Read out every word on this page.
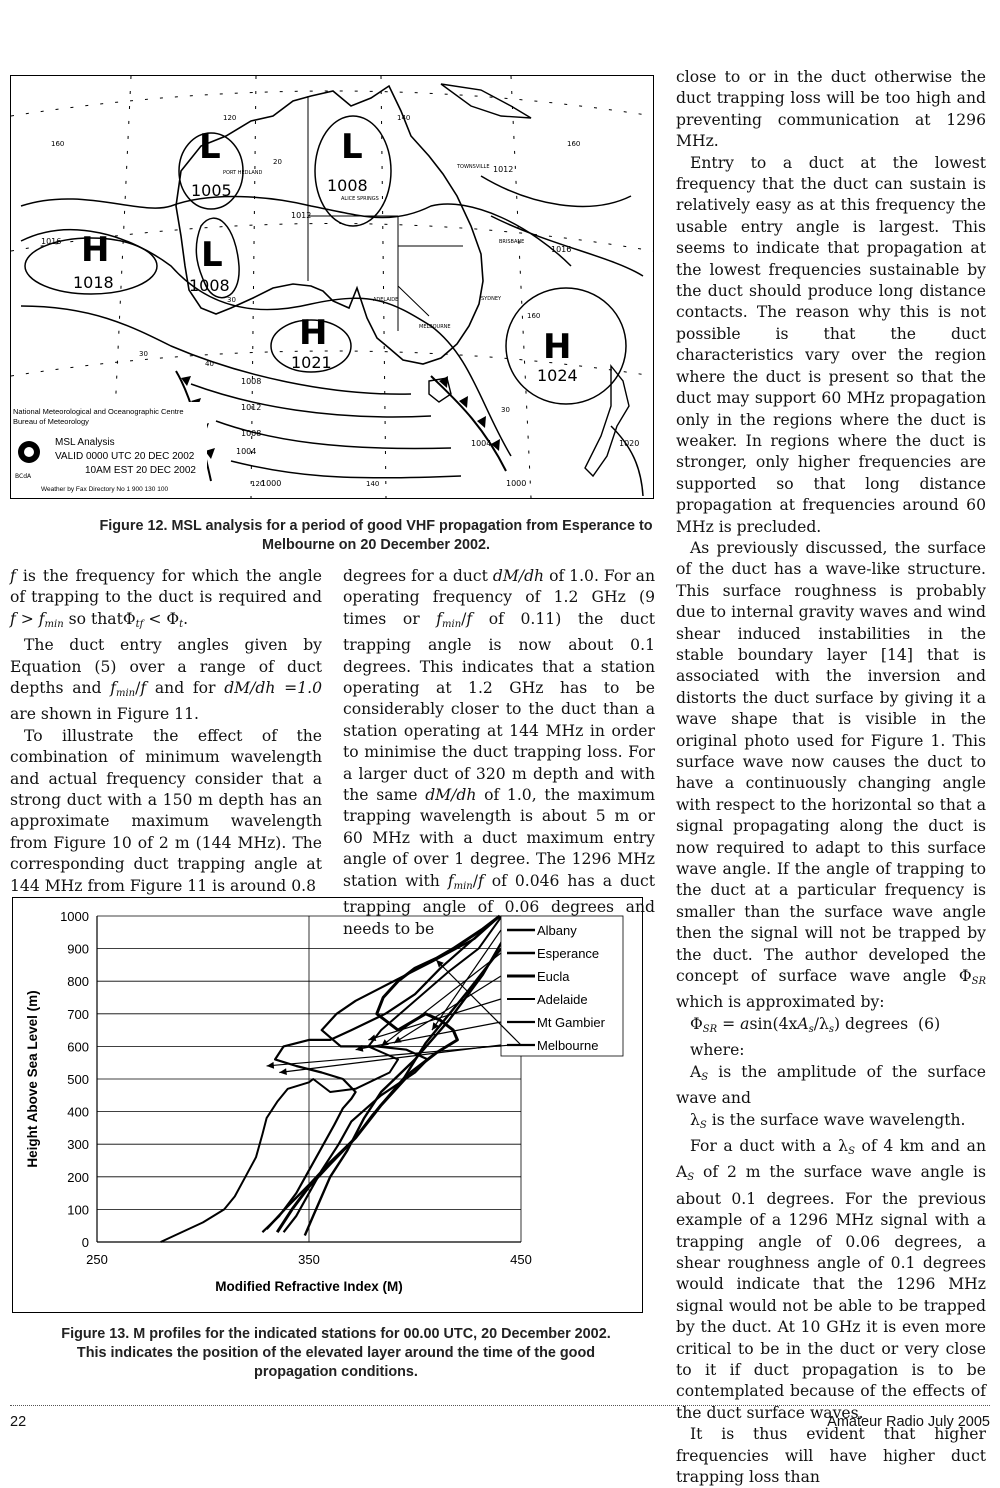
L
1005
L
1008
H
1018
L
1008
H
1021	H
1024
1016
1012
1016
1012
1012
1008
1004
1000
1020
1000
1004
1008
120	140
160	160
160
20
30
40
30
30
120	140
PORT HEDLAND
ALICE SPRINGS
TOWNSVILLE
BRISBANE
SYDNEY
MELBOURNE
ADELAIDE
BCdA
National Meteorological and Oceanographic Centre
Bureau of Meteorology
MSL Analysis
VALID 0000 UTC 20 DEC 2002
10AM EST 20 DEC 2002
Weather by Fax Directory No 1 900 130 100
Figure 12. MSL analysis for a period of good VHF propagation from Esperance to Melbourne on 20 December 2002.

f is the frequency for which the angle of trapping to the duct is required and $f > f_{min}$ so thatΦ$_{tf}$ < $\Phi_t$.

The duct entry angles given by Equation (5) over a range of duct depths and $f_{min}/f$ and for dM/dh =1.0 are shown in Figure 11.

To illustrate the effect of the combination of minimum wavelength and actual frequency consider that a strong duct with a 150 m depth has an approximate maximum wavelength from Figure 10 of 2 m (144 MHz). The corresponding duct trapping angle at 144 MHz from Figure 11 is around 0.8

degrees for a duct dM/dh of 1.0. For an operating frequency of 1.2 GHz (9 times or $f_{min}/f$ of 0.11) the duct trapping angle is now about 0.1 degrees. This indicates that a station operating at 1.2 GHz has to be considerably closer to the duct than a station operating at 144 MHz in order to minimise the duct trapping loss. For a larger duct of 320 m depth and with the same dM/dh of 1.0, the maximum trapping wavelength is about 5 m or 60 MHz with a duct maximum entry angle of over 1 degree. The 1296 MHz station with $f_{min}/f$ of 0.046 has a duct trapping angle of 0.06 degrees and needs to be

close to or in the duct otherwise the duct trapping loss will be too high and preventing communication at 1296 MHz.

Entry to a duct at the lowest frequency that the duct can sustain is relatively easy as at this frequency the usable entry angle is largest. This seems to indicate that propagation at the lowest frequencies sustainable by the duct should produce long distance contacts. The reason why this is not possible is that the duct characteristics vary over the region where the duct is present so that the duct may support 60 MHz propagation only in the regions where the duct is weaker. In regions where the duct is stronger, only higher frequencies are supported so that long distance propagation at frequencies around 60 MHz is precluded.

As previously discussed, the surface of the duct has a wave-like structure. This surface roughness is probably due to internal gravity waves and wind shear induced instabilities in the stable boundary layer [14] that is associated with the inversion and distorts the duct surface by giving it a wave shape that is visible in the original photo used for Figure 1. This surface wave now causes the duct to have a continuously changing angle with respect to the horizontal so that a signal propagating along the duct is now required to adapt to this surface wave angle. If the angle of trapping to the duct at a particular frequency is smaller than the surface wave angle then the signal will not be trapped by the duct. The author developed the concept of surface wave angle $\Phi_{SR}$ which is approximated by:

$\Phi_{SR} = asin(4xA_s/\lambda_s)$ degrees  (6)

where:

$A_S$ is the amplitude of the surface wave and

$\lambda_S$ is the surface wave wavelength.

For a duct with a $\lambda_S$ of 4 km and an $A_S$ of 2 m the surface wave angle is about 0.1 degrees. For the previous example of a 1296 MHz signal with a trapping angle of 0.06 degrees, a shear roughness angle of 0.1 degrees would indicate that the 1296 MHz signal would not be able to be trapped by the duct. At 10 GHz it is even more critical to be in the duct or very close to it if duct propagation is to be contemplated because of the effects of the duct surface waves.

It is thus evident that higher frequencies will have higher duct trapping loss than

0
100
200
300
400
500
600
700
800
900
1000
250	350	450
Modified Refractive Index (M)
Height Above Sea Level (m)
Albany
Esperance
Eucla
Adelaide
Mt Gambier
Melbourne
Figure 13. M profiles for the indicated stations for 00.00 UTC, 20 December 2002.
This indicates the position of the elevated layer around the time of the good
propagation conditions.
22	Amateur Radio July 2005
